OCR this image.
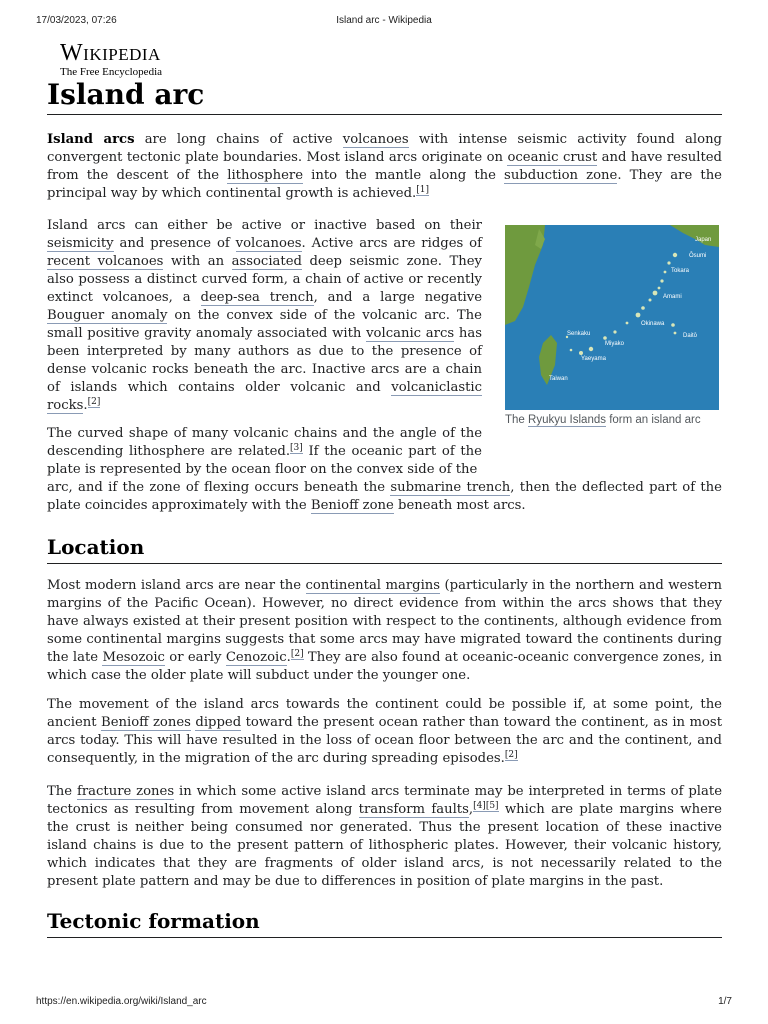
17/03/2023, 07:26	Island arc - Wikipedia
Wikipedia
The Free Encyclopedia
Island arc

Island arcs are long chains of active volcanoes with intense seismic activity found along convergent tectonic plate boundaries. Most island arcs originate on oceanic crust and have resulted from the descent of the lithosphere into the mantle along the subduction zone. They are the principal way by which continental growth is achieved.[1]

Island arcs can either be active or inactive based on their seismicity and presence of volcanoes. Active arcs are ridges of recent volcanoes with an associated deep seismic zone. They also possess a distinct curved form, a chain of active or recently extinct volcanoes, a deep-sea trench, and a large negative Bouguer anomaly on the convex side of the volcanic arc. The small positive gravity anomaly associated with volcanic arcs has been interpreted by many authors as due to the presence of dense volcanic rocks beneath the arc. Inactive arcs are a chain of islands which contains older volcanic and volcaniclastic rocks.[2]

The curved shape of many volcanic chains and the angle of the descending lithosphere are related.[3] If the oceanic part of the plate is represented by the ocean floor on the convex side of the

arc, and if the zone of flexing occurs beneath the submarine trench, then the deflected part of the plate coincides approximately with the Benioff zone beneath most arcs.

Japan
Ōsumi
Tokara
Amami
Okinawa
Daitō
Senkaku
Miyako
Yaeyama
Taiwan
The Ryukyu Islands form an island arc
Location

Most modern island arcs are near the continental margins (particularly in the northern and western margins of the Pacific Ocean). However, no direct evidence from within the arcs shows that they have always existed at their present position with respect to the continents, although evidence from some continental margins suggests that some arcs may have migrated toward the continents during the late Mesozoic or early Cenozoic.[2] They are also found at oceanic-oceanic convergence zones, in which case the older plate will subduct under the younger one.

The movement of the island arcs towards the continent could be possible if, at some point, the ancient Benioff zones dipped toward the present ocean rather than toward the continent, as in most arcs today. This will have resulted in the loss of ocean floor between the arc and the continent, and consequently, in the migration of the arc during spreading episodes.[2]

The fracture zones in which some active island arcs terminate may be interpreted in terms of plate tectonics as resulting from movement along transform faults,[4][5] which are plate margins where the crust is neither being consumed nor generated. Thus the present location of these inactive island chains is due to the present pattern of lithospheric plates. However, their volcanic history, which indicates that they are fragments of older island arcs, is not necessarily related to the present plate pattern and may be due to differences in position of plate margins in the past.

Tectonic formation
https://en.wikipedia.org/wiki/Island_arc	1/7
